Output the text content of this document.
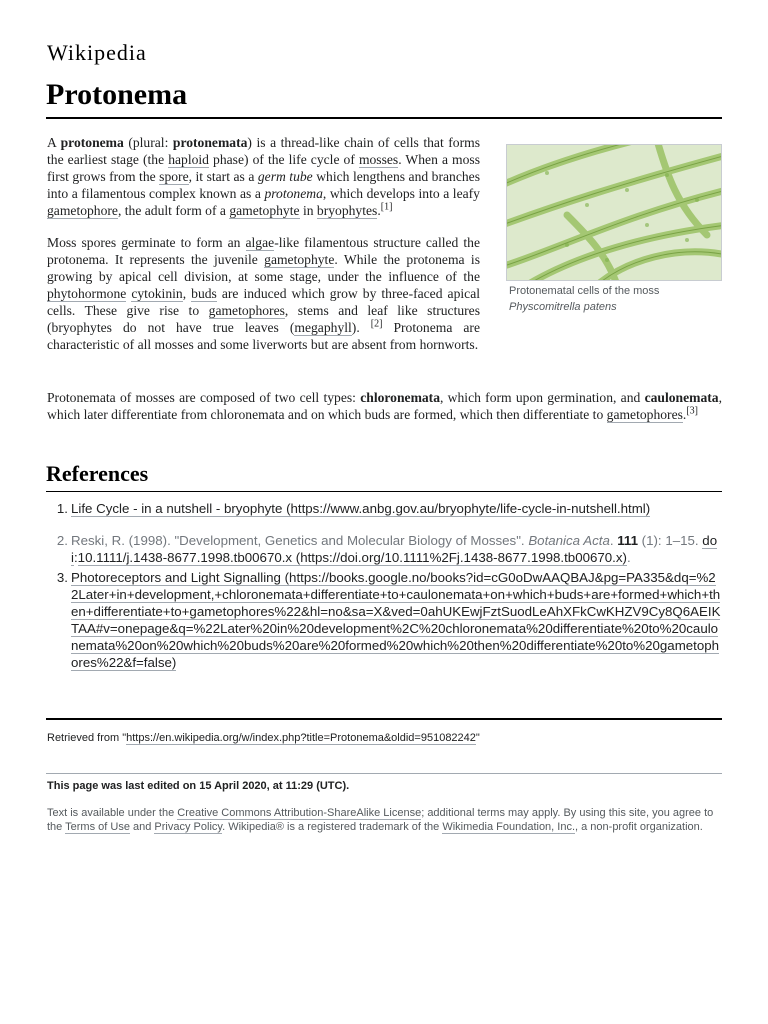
Wikipedia
Protonema
Protonematal cells of the moss
Physcomitrella patens

A protonema (plural: protonemata) is a thread-like chain of cells that forms the earliest stage (the haploid phase) of the life cycle of mosses. When a moss first grows from the spore, it start as a germ tube which lengthens and branches into a filamentous complex known as a protonema, which develops into a leafy gametophore, the adult form of a gametophyte in bryophytes.[1]

Moss spores germinate to form an algae-like filamentous structure called the protonema. It represents the juvenile gametophyte. While the protonema is growing by apical cell division, at some stage, under the influence of the phytohormone cytokinin, buds are induced which grow by three-faced apical cells. These give rise to gametophores, stems and leaf like structures (bryophytes do not have true leaves (megaphyll). [2] Protonema are characteristic of all mosses and some liverworts but are absent from hornworts.

Protonemata of mosses are composed of two cell types: chloronemata, which form upon germination, and caulonemata, which later differentiate from chloronemata and on which buds are formed, which then differentiate to gametophores.[3]

References
1. Life Cycle - in a nutshell - bryophyte (https://www.anbg.gov.au/bryophyte/life-cycle-in-nutshell.html)
2. Reski, R. (1998). "Development, Genetics and Molecular Biology of Mosses". Botanica Acta. 111 (1): 1–15. doi:10.1111/j.1438-8677.1998.tb00670.x (https://doi.org/10.1111%2Fj.1438-8677.1998.tb00670.x).
3. Photoreceptors and Light Signalling (https://books.google.no/books?id=cG0oDwAAQBAJ&pg=PA335&dq=%22Later+in+development,+chloronemata+differentiate+to+caulonemata+on+which+buds+are+formed+which+then+differentiate+to+gametophores%22&hl=no&sa=X&ved=0ahUKEwjFztSuodLeAhXFkCwKHZV9Cy8Q6AEIKTAA#v=onepage&q=%22Later%20in%20development%2C%20chloronemata%20differentiate%20to%20caulonemata%20on%20which%20buds%20are%20formed%20which%20then%20differentiate%20to%20gametophores%22&f=false)
Retrieved from "https://en.wikipedia.org/w/index.php?title=Protonema&oldid=951082242"
This page was last edited on 15 April 2020, at 11:29 (UTC).
Text is available under the Creative Commons Attribution-ShareAlike License; additional terms may apply. By using this site, you agree to the Terms of Use and Privacy Policy. Wikipedia® is a registered trademark of the Wikimedia Foundation, Inc., a non-profit organization.
